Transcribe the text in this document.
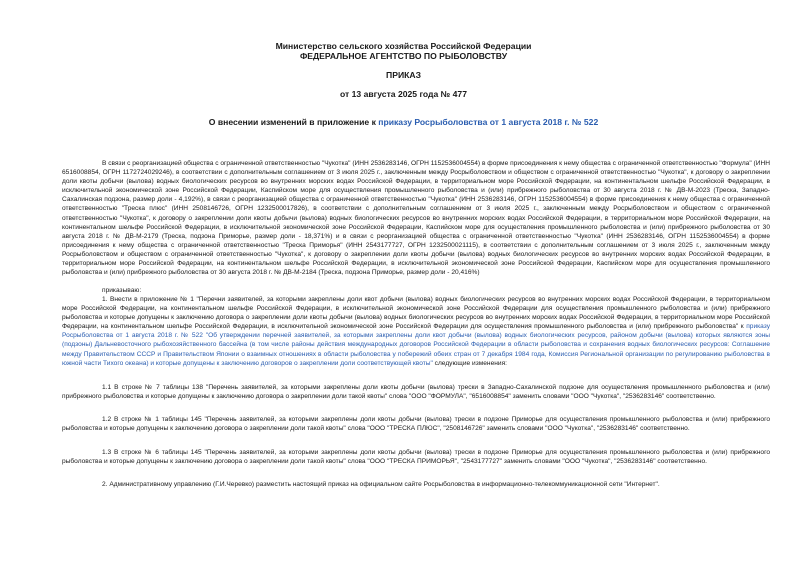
Министерство сельского хозяйства Российской Федерации
ФЕДЕРАЛЬНОЕ АГЕНТСТВО ПО РЫБОЛОВСТВУ
ПРИКАЗ
от 13 августа 2025 года № 477
О внесении изменений в приложение к приказу Росрыболовства от 1 августа 2018 г. № 522

В связи с реорганизацией общества с ограниченной ответственностью "Чукотка" (ИНН 2536283146, ОГРН 1152536004554) в форме присоединения к нему общества с ограниченной ответственностью "Формула" (ИНН 6516008854, ОГРН 1172724029246), в соответствии с дополнительным соглашением от 3 июля 2025 г., заключенным между Росрыболовством и обществом с ограниченной ответственностью "Чукотка", к договору о закреплении доли квоты добычи (вылова) водных биологических ресурсов во внутренних морских водах Российской Федерации, в территориальном море Российской Федерации, на континентальном шельфе Российской Федерации, в исключительной экономической зоне Российской Федерации, Каспийском море для осуществления промышленного рыболовства и (или) прибрежного рыболовства от 30 августа 2018 г. № ДВ-М-2023 (Треска, Западно-Сахалинская подзона, размер доли - 4,192%), в связи с реорганизацией общества с ограниченной ответственностью "Чукотка" (ИНН 2536283146, ОГРН 1152536004554) в форме присоединения к нему общества с ограниченной ответственностью "Треска плюс" (ИНН 2508146726, ОГРН 1232500017826), в соответствии с дополнительным соглашением от 3 июля 2025 г., заключенным между Росрыболовством и обществом с ограниченной ответственностью "Чукотка", к договору о закреплении доли квоты добычи (вылова) водных биологических ресурсов во внутренних морских водах Российской Федерации, в территориальном море Российской Федерации, на континентальном шельфе Российской Федерации, в исключительной экономической зоне Российской Федерации, Каспийском море для осуществления промышленного рыболовства и (или) прибрежного рыболовства от 30 августа 2018 г. № ДВ-М-2179 (Треска, подзона Приморье, размер доли - 18,371%) и в связи с реорганизацией общества с ограниченной ответственностью "Чукотка" (ИНН 2536283146, ОГРН 1152536004554) в форме присоединения к нему общества с ограниченной ответственностью "Треска Приморья" (ИНН 2543177727, ОГРН 1232500021115), в соответствии с дополнительным соглашением от 3 июля 2025 г., заключенным между Росрыболовством и обществом с ограниченной ответственностью "Чукотка", к договору о закреплении доли квоты добычи (вылова) водных биологических ресурсов во внутренних морских водах Российской Федерации, в территориальном море Российской Федерации, на континентальном шельфе Российской Федерации, в исключительной экономической зоне Российской Федерации, Каспийском море для осуществления промышленного рыболовства и (или) прибрежного рыболовства от 30 августа 2018 г. № ДВ-М-2184 (Треска, подзона Приморье, размер доли - 20,416%)

приказываю:

1. Внести в приложение № 1 "Перечни заявителей, за которыми закреплены доли квот добычи (вылова) водных биологических ресурсов во внутренних морских водах Российской Федерации, в территориальном море Российской Федерации, на континентальном шельфе Российской Федерации, в исключительной экономической зоне Российской Федерации для осуществления промышленного рыболовства и (или) прибрежного рыболовства и которые допущены к заключению договора о закреплении доли квоты добычи (вылова) водных биологических ресурсов во внутренних морских водах Российской Федерации, в территориальном море Российской Федерации, на континентальном шельфе Российской Федерации, в исключительной экономической зоне Российской Федерации для осуществления промышленного рыболовства и (или) прибрежного рыболовства" к приказу Росрыболовства от 1 августа 2018 г. № 522 "Об утверждении перечней заявителей, за которыми закреплены доли квот добычи (вылова) водных биологических ресурсов, районом добычи (вылова) которых являются зоны (подзоны) Дальневосточного рыбохозяйственного бассейна (в том числе районы действия международных договоров Российской Федерации в области рыболовства и сохранения водных биологических ресурсов: Соглашение между Правительством СССР и Правительством Японии о взаимных отношениях в области рыболовства у побережий обеих стран от 7 декабря 1984 года, Комиссия Региональной организации по регулированию рыболовства в южной части Тихого океана) и которые допущены к заключению договоров о закреплении доли соответствующей квоты" следующие изменения:

1.1 В строке № 7 таблицы 138 "Перечень заявителей, за которыми закреплены доли квоты добычи (вылова) трески в Западно-Сахалинской подзоне для осуществления промышленного рыболовства и (или) прибрежного рыболовства и которые допущены к заключению договора о закреплении доли такой квоты" слова "ООО "ФОРМУЛА", "6516008854" заменить словами "ООО "Чукотка", "2536283146" соответственно.

1.2 В строке № 1 таблицы 145 "Перечень заявителей, за которыми закреплены доли квоты добычи (вылова) трески в подзоне Приморье для осуществления промышленного рыболовства и (или) прибрежного рыболовства и которые допущены к заключению договора о закреплении доли такой квоты" слова "ООО "ТРЕСКА ПЛЮС", "2508146726" заменить словами "ООО "Чукотка", "2536283146" соответственно.

1.3 В строке № 6 таблицы 145 "Перечень заявителей, за которыми закреплены доли квоты добычи (вылова) трески в подзоне Приморье для осуществления промышленного рыболовства и (или) прибрежного рыболовства и которые допущены к заключению договора о закреплении доли такой квоты" слова "ООО "ТРЕСКА ПРИМОРЬЯ", "2543177727" заменить словами "ООО "Чукотка", "2536283146" соответственно.

2. Административному управлению (Г.И.Черевко) разместить настоящий приказ на официальном сайте Росрыболовства в информационно-телекоммуникационной сети "Интернет".
